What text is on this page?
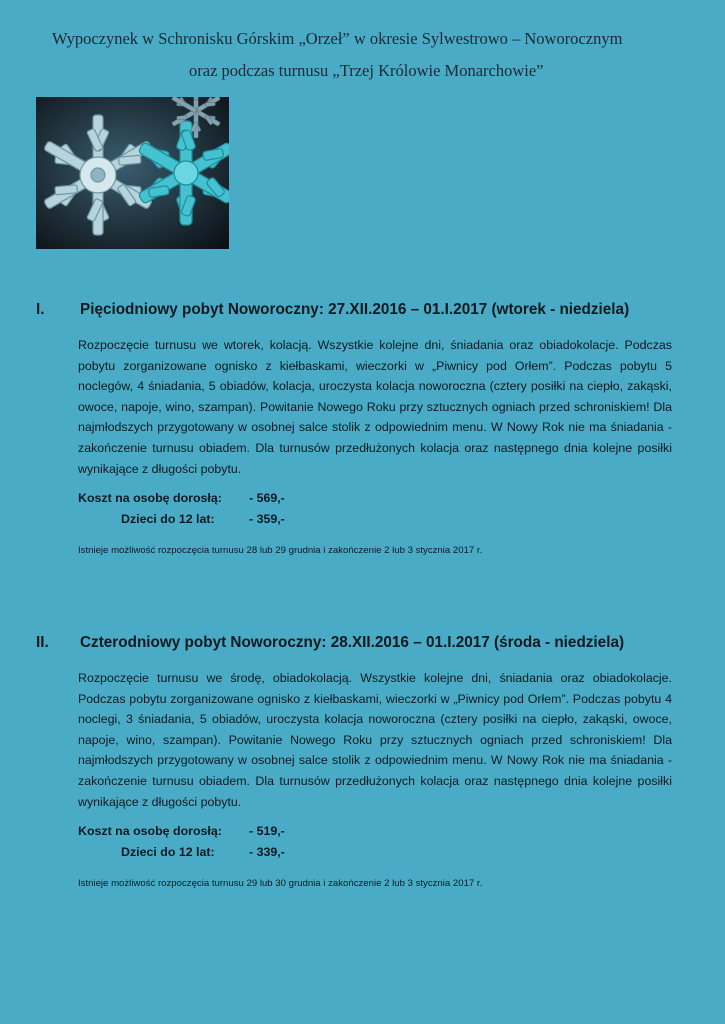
Wypoczynek w Schronisku Górskim „Orzeł” w okresie Sylwestrowo – Noworocznym

oraz podczas turnusu „Trzej Królowie Monarchowie”

I. Pięciodniowy pobyt Noworoczny: 27.XII.2016 – 01.I.2017 (wtorek - niedziela)

Rozpoczęcie turnusu we wtorek, kolacją. Wszystkie kolejne dni, śniadania oraz obiadokolacje. Podczas pobytu zorganizowane ognisko z kiełbaskami, wieczorki w „Piwnicy pod Orłem”. Podczas pobytu 5 noclegów, 4 śniadania, 5 obiadów, kolacja, uroczysta kolacja noworoczna (cztery posiłki na ciepło, zakąski, owoce, napoje, wino, szampan). Powitanie Nowego Roku przy sztucznych ogniach przed schroniskiem! Dla najmłodszych przygotowany w osobnej salce stolik z odpowiednim menu. W Nowy Rok nie ma śniadania - zakończenie turnusu obiadem. Dla turnusów przedłużonych kolacja oraz następnego dnia kolejne posiłki wynikające z długości pobytu.

Koszt na osobę dorosłą: - 569,-
Dzieci do 12 lat:	- 359,-

Istnieje możliwość rozpoczęcia turnusu 28 lub 29 grudnia i zakończenie 2 lub 3 stycznia 2017 r.

II. Czterodniowy pobyt Noworoczny: 28.XII.2016 – 01.I.2017 (środa - niedziela)

Rozpoczęcie turnusu we środę, obiadokolacją. Wszystkie kolejne dni, śniadania oraz obiadokolacje. Podczas pobytu zorganizowane ognisko z kiełbaskami, wieczorki w „Piwnicy pod Orłem”. Podczas pobytu 4 noclegi, 3 śniadania, 5 obiadów, uroczysta kolacja noworoczna (cztery posiłki na ciepło, zakąski, owoce, napoje, wino, szampan). Powitanie Nowego Roku przy sztucznych ogniach przed schroniskiem! Dla najmłodszych przygotowany w osobnej salce stolik z odpowiednim menu. W Nowy Rok nie ma śniadania - zakończenie turnusu obiadem. Dla turnusów przedłużonych kolacja oraz następnego dnia kolejne posiłki wynikające z długości pobytu.

Koszt na osobę dorosłą: - 519,-
Dzieci do 12 lat:	- 339,-

Istnieje możliwość rozpoczęcia turnusu 29 lub 30 grudnia i zakończenie 2 lub 3 stycznia 2017 r.
